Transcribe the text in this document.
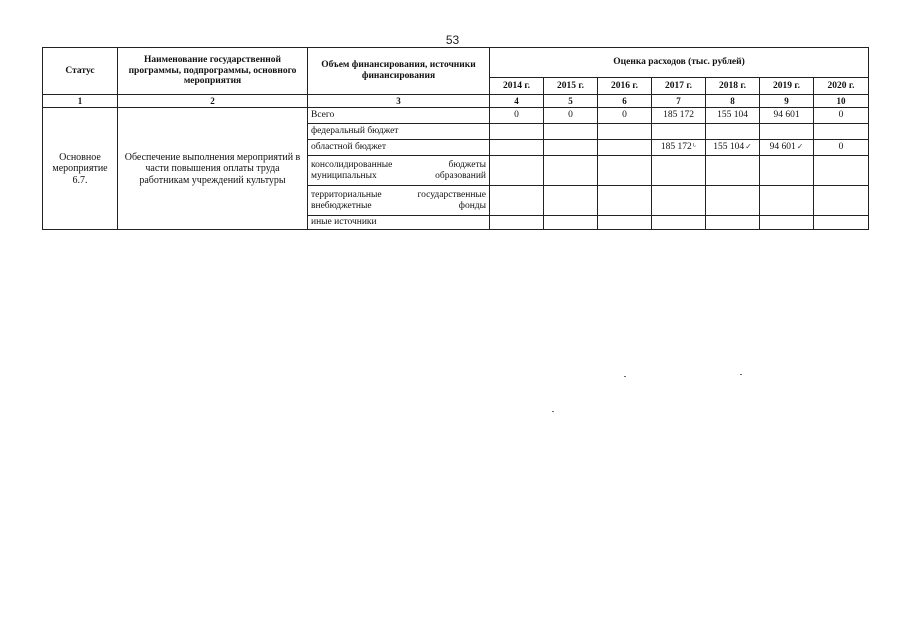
53
Статус	Наименование государственной программы, подпрограммы, основного мероприятия	Объем финансирования, источники финансирования	Оценка расходов (тыс. рублей)						
			2014 г.	2015 г.	2016 г.	2017 г.	2018 г.	2019 г.	2020 г.
1	2	3	4	5	6	7	8	9	10
Основное мероприятие 6.7.	Обеспечение выполнения мероприятий в части повышения оплаты труда работникам учреждений культуры	Всего	0	0	0	185 172	155 104	94 601	0
		федеральный бюджет							
		областной бюджет				185 172ᒡ	155 104✓	94 601✓	0
		консолидированные бюджеты муниципальных образований							
		территориальные государственные внебюджетные фонды							
		иные источники							
